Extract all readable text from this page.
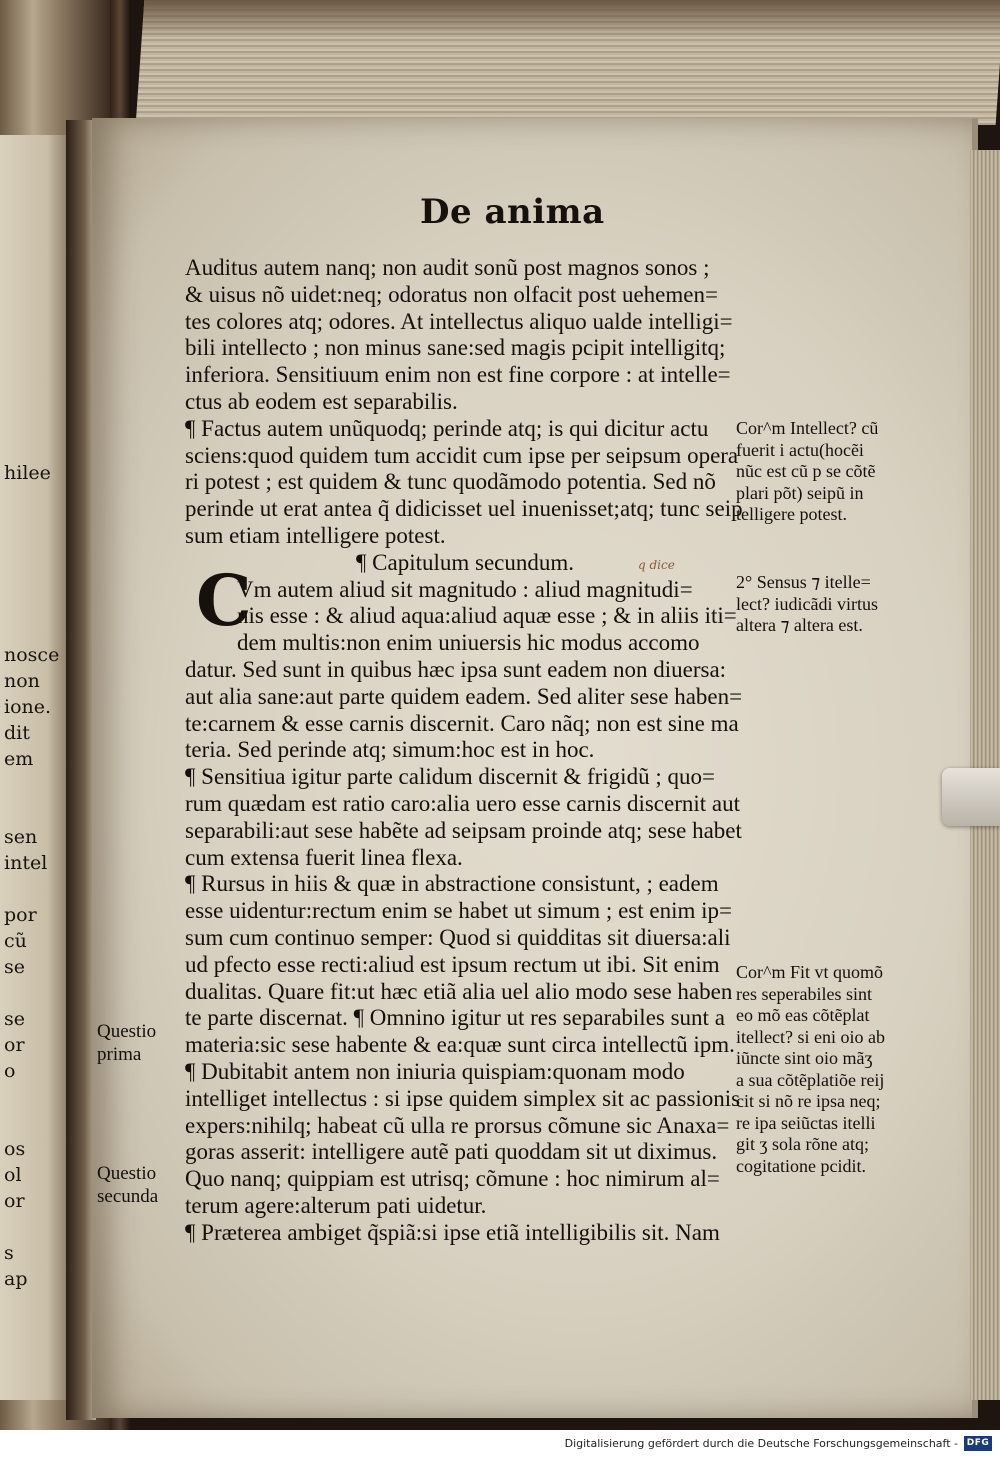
hilee

nosce
non
ione.
dit
em

sen
intel

por
cũ
se

se
or
o

os
ol
or

s
ap
De anima
Auditus autem nanq; non audit sonũ post magnos sonos ;
& uisus nõ uidet:neq; odoratus non olfacit post uehemen=
tes colores atq; odores. At intellectus aliquo ualde intelligi=
bili intellecto ; non minus sane:sed magis pcipit intelligitq;
inferiora. Sensitiuum enim non est fine corpore : at intelle=
ctus ab eodem est separabilis.
¶ Factus autem unũquodq; perinde atq; is qui dicitur actu
sciens:quod quidem tum accidit cum ipse per seipsum opera
ri potest ; est quidem & tunc quodãmodo potentia. Sed nõ
perinde ut erat antea q̃ didicisset uel inuenisset;atq; tunc seip
sum etiam intelligere potest.
¶ Capitulum secundum.
Vm autem aliud sit magnitudo : aliud magnitudi=
nis esse : & aliud aqua:aliud aquæ esse ; & in aliis iti=
dem multis:non enim uniuersis hic modus accomo
datur. Sed sunt in quibus hæc ipsa sunt eadem non diuersa:
aut alia sane:aut parte quidem eadem. Sed aliter sese haben=
te:carnem & esse carnis discernit. Caro nãq; non est sine ma
teria. Sed perinde atq; simum:hoc est in hoc.
¶ Sensitiua igitur parte calidum discernit & frigidũ ; quo=
rum quædam est ratio caro:alia uero esse carnis discernit aut
separabili:aut sese habẽte ad seipsam proinde atq; sese habet
cum extensa fuerit linea flexa.
¶ Rursus in hiis & quæ in abstractione consistunt, ; eadem
esse uidentur:rectum enim se habet ut simum ; est enim ip=
sum cum continuo semper: Quod si quidditas sit diuersa:ali
ud pfecto esse recti:aliud est ipsum rectum ut ibi. Sit enim
dualitas. Quare fit:ut hæc etiã alia uel alio modo sese haben
te parte discernat. ¶ Omnino igitur ut res separabiles sunt a
materia:sic sese habente & ea:quæ sunt circa intellectũ ipm.
¶ Dubitabit antem non iniuria quispiam:quonam modo
intelliget intellectus : si ipse quidem simplex sit ac passionis
expers:nihilq; habeat cũ ulla re prorsus cõmune sic Anaxa=
goras asserit: intelligere autẽ pati quoddam sit ut diximus.
Quo nanq; quippiam est utrisq; cõmune : hoc nimirum al=
terum agere:alterum pati uidetur.
¶ Præterea ambiget q̃spiã:si ipse etiã intelligibilis sit. Nam
C	q dice
Cor^m Intellect? cũ
fuerit i actu(hocẽi
nũc est cũ p se cõtẽ
plari põt) seipũ in
telligere potest.
2° Sensus ⁊ itelle=
lect? iudicãdi virtus
altera ⁊ altera est.
Cor^m Fit vt quomõ
res seperabiles sint
eo mõ eas cõtẽplat
itellect? si eni oio ab
iũncte sint oio mãʒ
a sua cõtẽplatiõe reij
cit si nõ re ipsa neq;
re ipa seiũctas itelli
git ʒ sola rõne atq;
cogitatione pcidit.
Questio
prima
Questio
secunda
Digitalisierung gefördert durch die Deutsche Forschungsgemeinschaft - DFG
